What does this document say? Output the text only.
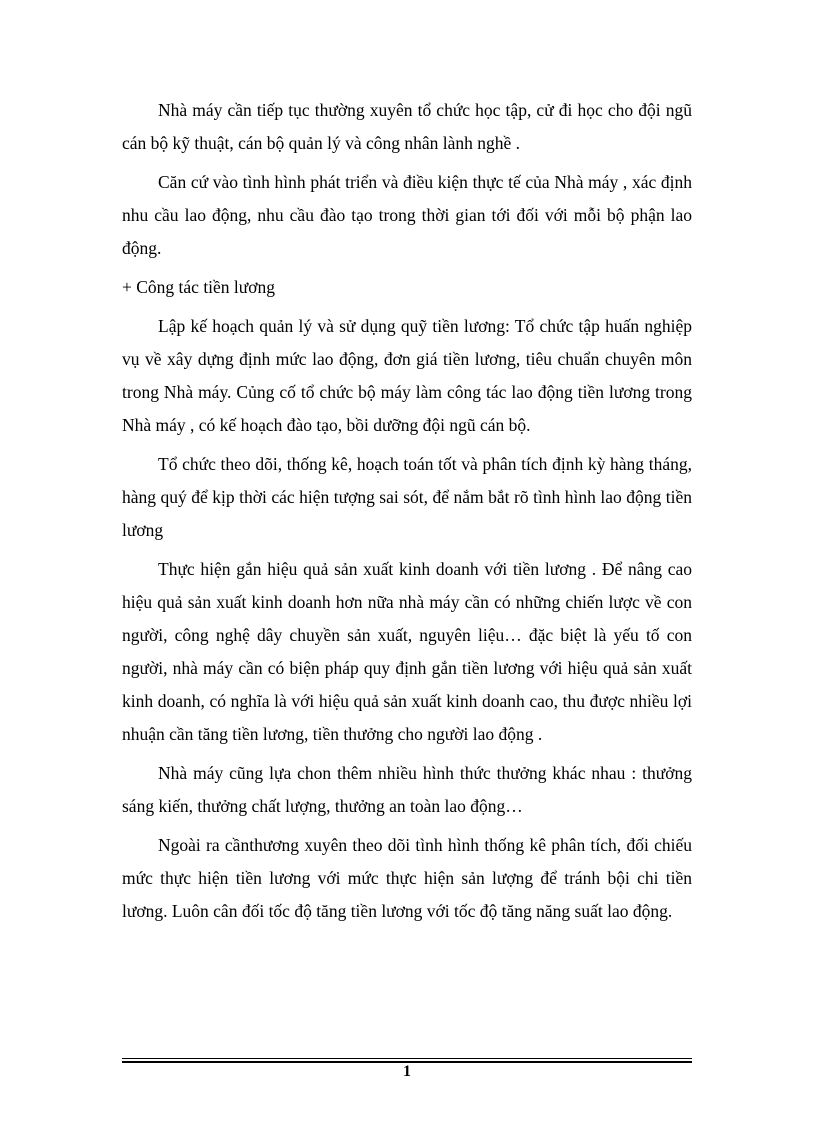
Nhà máy cần tiếp tục thường xuyên tổ chức học tập, cử đi học cho đội ngũ cán bộ kỹ thuật, cán bộ quản lý và công nhân lành nghề .

Căn cứ vào tình hình phát triển và điều kiện thực tế của Nhà máy , xác định nhu cầu lao động, nhu cầu đào tạo trong thời gian tới đối với mỗi bộ phận lao động.

+ Công tác tiền lương

Lập kế hoạch quản lý và sử dụng quỹ tiền lương: Tổ chức tập huấn nghiệp vụ về xây dựng định mức lao động, đơn giá tiền lương, tiêu chuẩn chuyên môn trong Nhà máy. Củng cố tổ chức bộ máy làm công tác lao động tiền lương trong Nhà máy , có kế hoạch đào tạo, bồi dưỡng đội ngũ cán bộ.

Tổ chức theo dõi, thống kê, hoạch toán tốt và phân tích định kỳ hàng tháng, hàng quý để kịp thời các hiện tượng sai sót, để nắm bắt rõ tình hình lao động tiền lương

Thực hiện gắn hiệu quả sản xuất kinh doanh với tiền lương . Để nâng cao hiệu quả sản xuất kinh doanh hơn nữa nhà máy cần có những chiến lược về con người, công nghệ dây chuyền sản xuất, nguyên liệu… đặc biệt là yếu tố con người, nhà máy cần có biện pháp quy định gắn tiền lương với hiệu quả sản xuất kinh doanh, có nghĩa là với hiệu quả sản xuất kinh doanh cao, thu được nhiều lợi nhuận cần tăng tiền lương, tiền thưởng cho người lao động .

Nhà máy cũng lựa chon thêm nhiều hình thức thưởng khác nhau : thưởng sáng kiến, thưởng chất lượng, thưởng an toàn lao động…

Ngoài ra cầnthương xuyên theo dõi tình hình thống kê phân tích, đối chiếu mức thực hiện tiền lương với mức thực hiện sản lượng để tránh bội chi tiền lương. Luôn cân đối tốc độ tăng tiền lương với tốc độ tăng năng suất lao động.

1
